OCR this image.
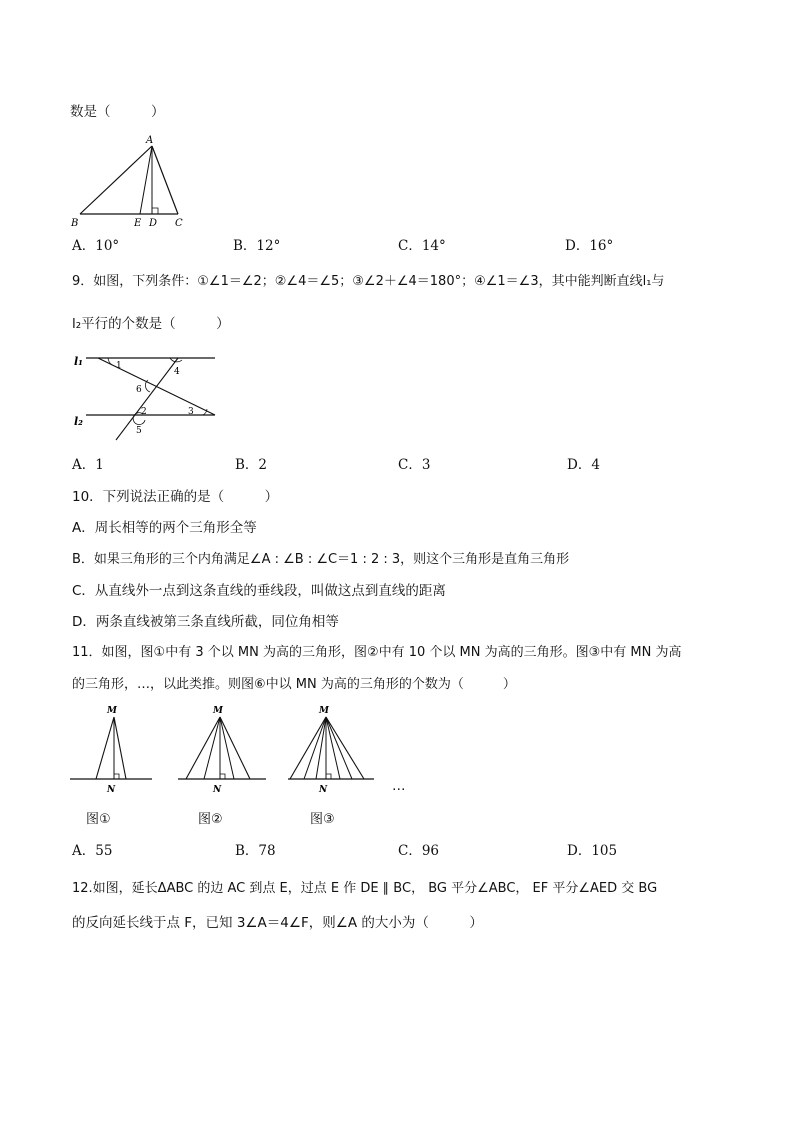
数是（　　　）
A
B	E D C
A．10°	B．12°	C．14°	D．16°
9．如图，下列条件：①∠1＝∠2；②∠4＝∠5；③∠2＋∠4＝180°；④∠1＝∠3，其中能判断直线l₁与
l₂平行的个数是（　　　）
l₁
l₂
1
4
6
2	3
5
A．1	B．2	C．3	D．4
10．下列说法正确的是（　　　）
A．周长相等的两个三角形全等
B．如果三角形的三个内角满足∠A : ∠B : ∠C＝1 : 2 : 3，则这个三角形是直角三角形
C．从直线外一点到这条直线的垂线段，叫做这点到直线的距离
D．两条直线被第三条直线所截，同位角相等
11．如图，图①中有 3 个以 MN 为高的三角形，图②中有 10 个以 MN 为高的三角形。图③中有 MN 为高
的三角形，…，以此类推。则图⑥中以 MN 为高的三角形的个数为（　　　）
M
N
M
N
M
N	…
图①	图②	图③
A．55	B．78	C．96	D．105
12.如图，延长ΔABC 的边 AC 到点 E，过点 E 作 DE ∥ BC， BG 平分∠ABC， EF 平分∠AED 交 BG
的反向延长线于点 F，已知 3∠A＝4∠F，则∠A 的大小为（　　　）
